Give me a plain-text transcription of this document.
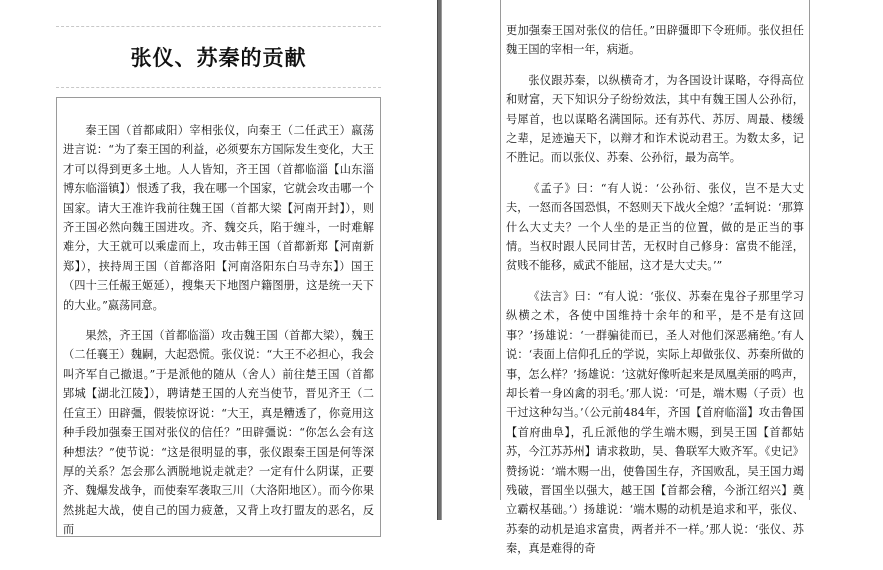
张仪、苏秦的贡献

秦王国（首都咸阳）宰相张仪，向秦王（二任武王）嬴荡进言说：“为了秦王国的利益，必须要东方国际发生变化，大王才可以得到更多土地。人人皆知，齐王国（首都临淄【山东淄博东临淄镇】）恨透了我，我在哪一个国家，它就会攻击哪一个国家。请大王准许我前往魏王国（首都大梁【河南开封】），则齐王国必然向魏王国进攻。齐、魏交兵，陷于缠斗，一时难解难分，大王就可以乘虚而上，攻击韩王国（首都新郑【河南新郑】），挟持周王国（首都洛阳【河南洛阳东白马寺东】）国王（四十三任赧王姬延），搜集天下地图户籍图册，这是统一天下的大业。”嬴荡同意。

果然，齐王国（首都临淄）攻击魏王国（首都大梁），魏王（二任襄王）魏嗣，大起恐慌。张仪说：“大王不必担心，我会叫齐军自己撤退。”于是派他的随从（舍人）前往楚王国（首都郢城【湖北江陵】），聘请楚王国的人充当使节，晋见齐王（二任宣王）田辟彊，假装惊讶说：“大王，真是糟透了，你竟用这种手段加强秦王国对张仪的信任？”田辟彊说：“你怎么会有这种想法？”使节说：“这是很明显的事，张仪跟秦王国是何等深厚的关系？怎会那么洒脱地说走就走？一定有什么阴谋，正要齐、魏爆发战争，而使秦军袭取三川（大洛阳地区）。而今你果然挑起大战，使自己的国力疲惫，又背上攻打盟友的恶名，反而

更加强秦王国对张仪的信任。”田辟彊即下令班师。张仪担任魏王国的宰相一年，病逝。

张仪跟苏秦，以纵横奇才，为各国设计谋略，夺得高位和财富，天下知识分子纷纷效法，其中有魏王国人公孙衍，号犀首，也以谋略名满国际。还有苏代、苏厉、周最、楼缓之辈，足迹遍天下，以辩才和诈术说动君王。为数太多，记不胜记。而以张仪、苏秦、公孙衍，最为高竿。

《孟子》曰：“有人说：‘公孙衍、张仪，岂不是大丈夫，一怒而各国恐惧，不怒则天下战火全熄？’孟轲说：‘那算什么大丈夫？一个人坐的是正当的位置，做的是正当的事情。当权时跟人民同甘苦，无权时自己修身：富贵不能淫，贫贱不能移，威武不能屈，这才是大丈夫。’”

《法言》曰：“有人说：‘张仪、苏秦在鬼谷子那里学习纵横之术，各使中国维持十余年的和平，是不是有这回事？’扬雄说：‘一群骗徒而已，圣人对他们深恶痛绝。’有人说：‘表面上信仰孔丘的学说，实际上却做张仪、苏秦所做的事，怎么样？’扬雄说：‘这就好像听起来是凤凰美丽的鸣声，却长着一身凶禽的羽毛。’那人说：‘可是，端木赐（子贡）也干过这种勾当。’（公元前484年，齐国【首府临淄】攻击鲁国【首府曲阜】，孔丘派他的学生端木赐，到吴王国【首都姑苏，今江苏苏州】请求救助，吴、鲁联军大败齐军。《史记》赞扬说：‘端木赐一出，使鲁国生存，齐国败乱，吴王国力竭残破，晋国坐以强大，越王国【首都会稽，今浙江绍兴】奠立霸权基础。’）扬雄说：‘端木赐的动机是追求和平，张仪、苏秦的动机是追求富贵，两者并不一样。’那人说：‘张仪、苏秦，真是难得的奇
